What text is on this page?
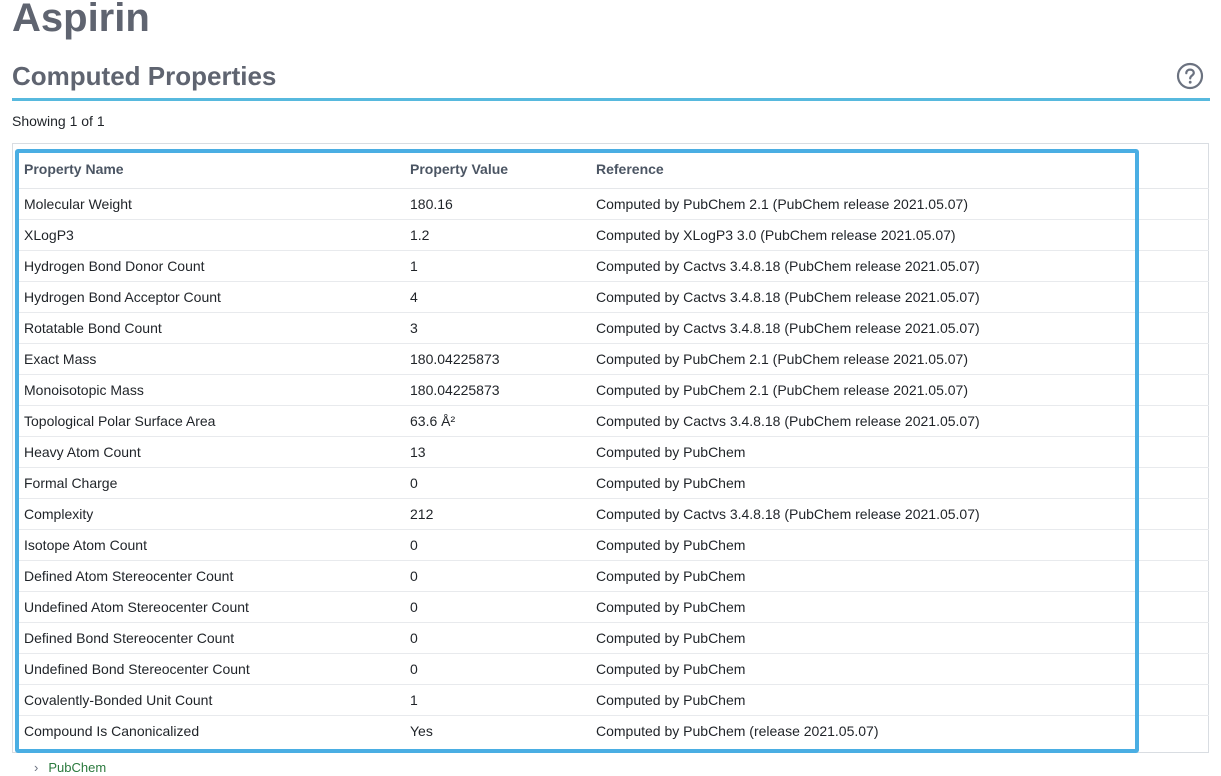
Aspirin
Computed Properties
Showing 1 of 1
Property Name	Property Value	Reference
Molecular Weight	180.16	Computed by PubChem 2.1 (PubChem release 2021.05.07)
XLogP3	1.2	Computed by XLogP3 3.0 (PubChem release 2021.05.07)
Hydrogen Bond Donor Count	1	Computed by Cactvs 3.4.8.18 (PubChem release 2021.05.07)
Hydrogen Bond Acceptor Count	4	Computed by Cactvs 3.4.8.18 (PubChem release 2021.05.07)
Rotatable Bond Count	3	Computed by Cactvs 3.4.8.18 (PubChem release 2021.05.07)
Exact Mass	180.04225873	Computed by PubChem 2.1 (PubChem release 2021.05.07)
Monoisotopic Mass	180.04225873	Computed by PubChem 2.1 (PubChem release 2021.05.07)
Topological Polar Surface Area	63.6 Å²	Computed by Cactvs 3.4.8.18 (PubChem release 2021.05.07)
Heavy Atom Count	13	Computed by PubChem
Formal Charge	0	Computed by PubChem
Complexity	212	Computed by Cactvs 3.4.8.18 (PubChem release 2021.05.07)
Isotope Atom Count	0	Computed by PubChem
Defined Atom Stereocenter Count	0	Computed by PubChem
Undefined Atom Stereocenter Count	0	Computed by PubChem
Defined Bond Stereocenter Count	0	Computed by PubChem
Undefined Bond Stereocenter Count	0	Computed by PubChem
Covalently-Bonded Unit Count	1	Computed by PubChem
Compound Is Canonicalized	Yes	Computed by PubChem (release 2021.05.07)
› PubChem
